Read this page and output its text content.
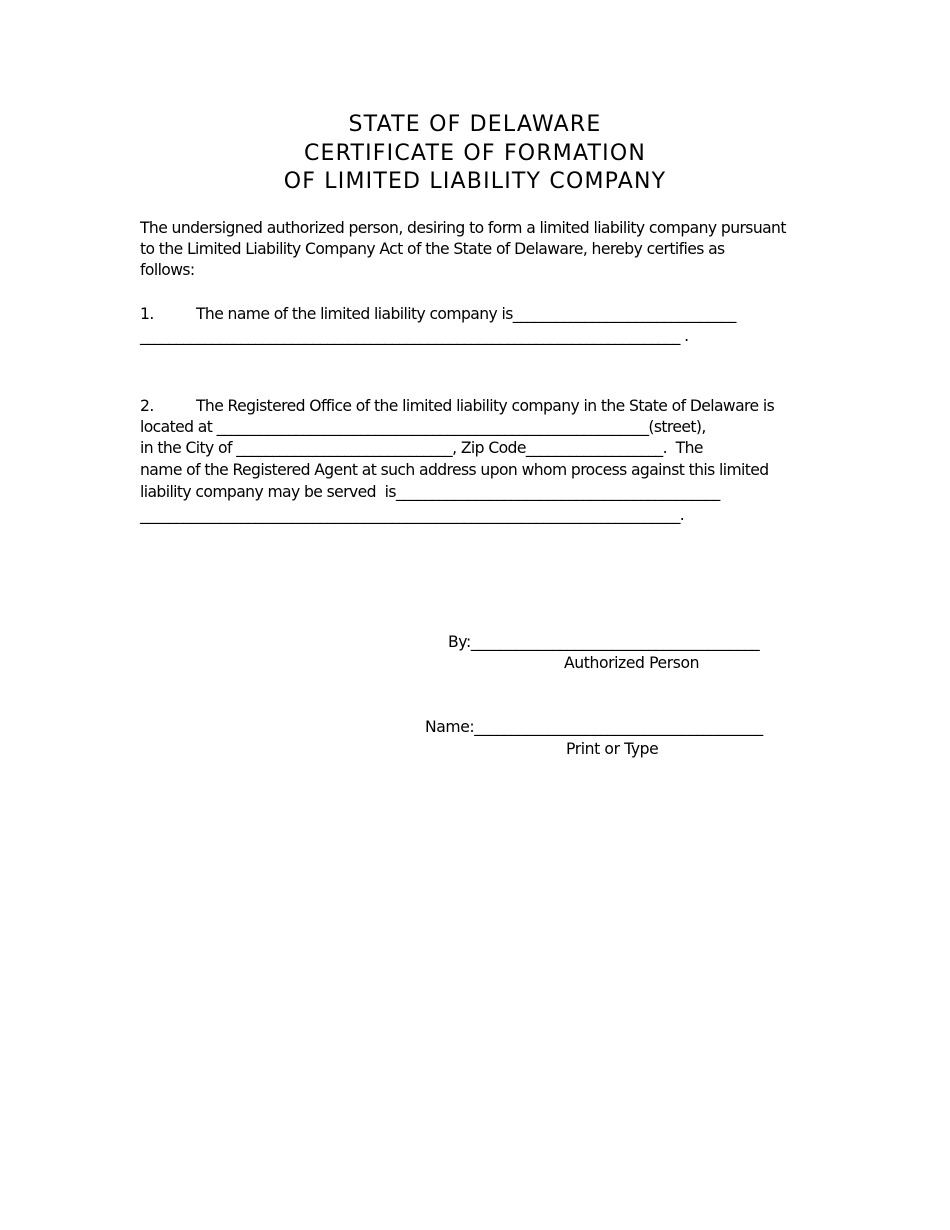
STATE OF DELAWARE
CERTIFICATE OF FORMATION
OF LIMITED LIABILITY COMPANY
The undersigned authorized person, desiring to form a limited liability company pursuant
to the Limited Liability Company Act of the State of Delaware, hereby certifies as
follows:
1.	The name of the limited liability company is_______________________________
___________________________________________________________________________ .
2.	The Registered Office of the limited liability company in the State of Delaware is
located at ____________________________________________________________(street),
in the City of ______________________________, Zip Code___________________.  The
name of the Registered Agent at such address upon whom process against this limited
liability company may be served  is_____________________________________________
___________________________________________________________________________.
By:_______________________________________
Authorized Person
Name:_______________________________________
Print or Type
